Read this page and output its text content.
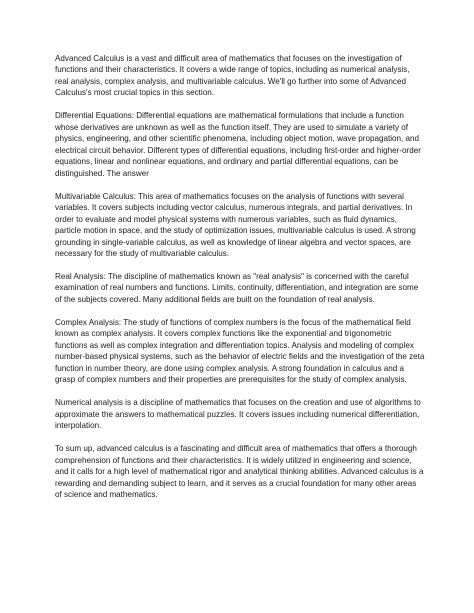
Advanced Calculus is a vast and difficult area of mathematics that focuses on the investigation of functions and their characteristics. It covers a wide range of topics, including as numerical analysis, real analysis, complex analysis, and multivariable calculus. We'll go further into some of Advanced Calculus's most crucial topics in this section.

Differential Equations: Differential equations are mathematical formulations that include a function whose derivatives are unknown as well as the function itself. They are used to simulate a variety of physics, engineering, and other scientific phenomena, including object motion, wave propagation, and electrical circuit behavior. Different types of differential equations, including first-order and higher-order equations, linear and nonlinear equations, and ordinary and partial differential equations, can be distinguished. The answer

Multivariable Calculus: This area of mathematics focuses on the analysis of functions with several variables. It covers subjects including vector calculus, numerous integrals, and partial derivatives. In order to evaluate and model physical systems with numerous variables, such as fluid dynamics, particle motion in space, and the study of optimization issues, multivariable calculus is used. A strong grounding in single-variable calculus, as well as knowledge of linear algebra and vector spaces, are necessary for the study of multivariable calculus.

Real Analysis: The discipline of mathematics known as "real analysis" is concerned with the careful examination of real numbers and functions. Limits, continuity, differentiation, and integration are some of the subjects covered. Many additional fields are built on the foundation of real analysis.

Complex Analysis: The study of functions of complex numbers is the focus of the mathematical field known as complex analysis. It covers complex functions like the exponential and trigonometric functions as well as complex integration and differentiation topics. Analysis and modeling of complex number-based physical systems, such as the behavior of electric fields and the investigation of the zeta function in number theory, are done using complex analysis. A strong foundation in calculus and a grasp of complex numbers and their properties are prerequisites for the study of complex analysis.

Numerical analysis is a discipline of mathematics that focuses on the creation and use of algorithms to approximate the answers to mathematical puzzles. It covers issues including numerical differentiation, interpolation.

To sum up, advanced calculus is a fascinating and difficult area of mathematics that offers a thorough comprehension of functions and their characteristics. It is widely utilized in engineering and science, and it calls for a high level of mathematical rigor and analytical thinking abilities. Advanced calculus is a rewarding and demanding subject to learn, and it serves as a crucial foundation for many other areas of science and mathematics.
